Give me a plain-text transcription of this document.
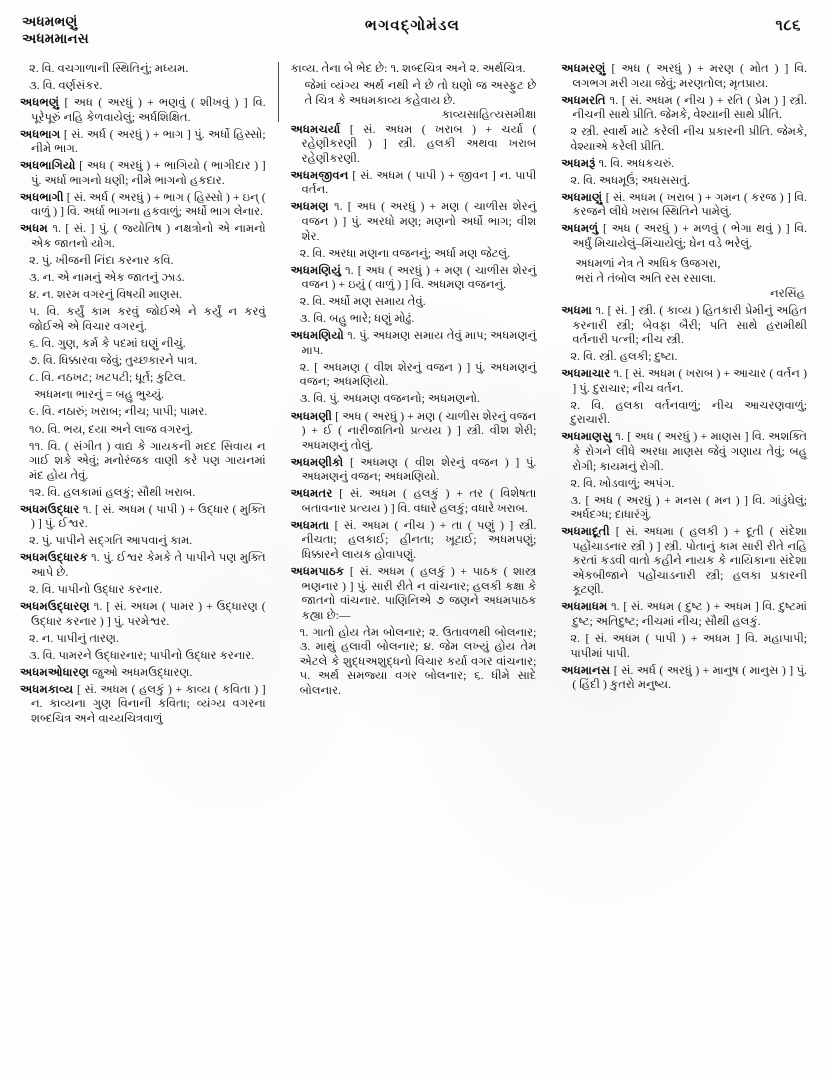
અધમભણું
અધમમાનસ
ભગવદ્ગોમંડલ	૧૮૬
૨. વિ. વચગાળાની સ્થિતિનું; મધ્યમ.
૩. વિ. વર્ણસંકર.
અધભણું [ અધ ( અરધું ) + ભણવું ( શીખવું ) ] વિ. પૂરેપૂરું નહિ કેળવાયેલું; અર્ધશિક્ષિત.
અધભાગ [ સં. અર્ધ ( અરધું ) + ભાગ ] પું. અર્ધો હિસ્સો; નીમે ભાગ.
અધભાગિયો [ અધ ( અરધું ) + ભાગિયો ( ભાગીદાર ) ] પું. અર્ધા ભાગનો ધણી; નીમે ભાગનો હકદાર.
અધભાગી [ સં. અર્ધ ( અરધું ) + ભાગ ( હિસ્સો ) + ઇન્ ( વાળું ) ] વિ. અર્ધા ભાગના હકવાળું; અર્ધો ભાગ લેનાર.
અધમ ૧. [ સં. ] પું. ( જ્યોતિષ ) નક્ષત્રોનો એ નામનો એક જાતનો યોગ.
૨. પું. ખીજની નિંદા કરનાર કવિ.
૩. ન. એ નામનું એક જાતનું ઝાડ.
૪. ન. શરમ વગરનું વિષયી માણસ.
૫. વિ. કર્યું કામ કરવું જોઈએ ને કર્યું ન કરવું જોઈએ એ વિચાર વગરનું.
૬. વિ. ગુણ, કર્મ કે પદમાં ઘણું નીચું.
૭. વિ. ધિક્કારવા જેવું; તુચ્છકારને પાત્ર.
૮. વિ. નઠખટ; ખટપટી; ધૂર્ત; કુટિલ.
અધમના ભારનું = બહુ ભુચ્યું.
૯. વિ. નઠારું; ખરાબ; નીચ; પાપી; પામર.
૧૦. વિ. ભય, દયા અને લાજ વગરનું.
૧૧. વિ. ( સંગીત ) વાદ્ય કે ગાયકની મદદ સિવાય ન ગાઈ શકે એવું; મનોરંજક વાણી કરે પણ ગાયનમાં મંદ હોય તેવું.
૧૨. વિ. હલકામાં હલકું; સૌથી ખરાબ.
અધમઉદ્ધાર ૧. [ સં. અધમ ( પાપી ) + ઉદ્ધાર ( મુક્તિ ) ] પું. ઈશ્વર.
૨. પું. પાપીને સદ્ગતિ આપવાનું કામ.
અધમઉદ્ધારક ૧. પું. ઈશ્વર કેમકે તે પાપીને પણ મુક્તિ આપે છે.
૨. વિ. પાપીનો ઉદ્ધાર કરનાર.
અધમઉદ્ધારણ ૧. [ સં. અધમ ( પામર ) + ઉદ્ધારણ ( ઉદ્ધાર કરનાર ) ] પું. પરમેશ્વર.
૨. ન. પાપીનું તારણ.
૩. વિ. પામરને ઉદ્ધારનાર; પાપીનો ઉદ્ધાર કરનાર.
અધમઓધારણ જુઓ અધમઉદ્ધારણ.
અધમકાવ્ય [ સં. અધમ ( હલકું ) + કાવ્ય ( કવિતા ) ] ન. કાવ્યના ગુણ વિનાની કવિતા; વ્યંગ્ય વગરના શબ્દચિત્ર અને વાચ્યચિત્રવાળું
કાવ્ય. તેના બે ભેદ છે: ૧. શબ્દચિત્ર અને ૨. અર્થચિત્ર.
જેમાં વ્યંગ્ય અર્થ નથી ને છે તો ઘણો જ અસ્ફુટ છે તે ચિત્ર કે અધમકાવ્ય કહેવાય છે.
કાવ્યસાહિત્યસમીક્ષા
અધમચર્યા [ સં. અધમ ( ખરાબ ) + ચર્યા ( રહેણીકરણી ) ] સ્ત્રી. હલકી અથવા ખરાબ રહેણીકરણી.
અધમજીવન [ સં. અધમ ( પાપી ) + જીવન ] ન. પાપી વર્તન.
અધમણ ૧. [ અધ ( અરધું ) + મણ ( ચાળીસ શેરનું વજન ) ] પું. અરધો મણ; મણનો અર્ધો ભાગ; વીશ શેર.
૨. વિ. અરધા મણના વજનનું; અર્ધા મણ જેટલું.
અધમણિયું ૧. [ અધ ( અરધું ) + મણ ( ચાળીસ શેરનું વજન ) + ઇયું ( વાળું ) ] વિ. અધમણ વજનનું.
૨. વિ. અર્ધો મણ સમાય તેવું.
૩. વિ. બહુ ભારે; ધણું મોઢું.
અધમણિયો ૧. પું. અધમણ સમાય તેવું માપ; અધમણનું માપ.
૨. [ અધમણ ( વીશ શેરનું વજન ) ] પું. અધમણનું વજન; અધમણિયો.
૩. વિ. પું. અધમણ વજનનો; અધમણનો.
અધમણી [ અધ ( અરધું ) + મણ ( ચાળીસ શેરનું વજન ) + ઈ ( નારીજાતિનો પ્રત્યય ) ] સ્ત્રી. વીશ શેરી; અધમણનું તોલું.
અધમણીકો [ અધમણ ( વીશ શેરનું વજન ) ] પું. અધમણનું વજન; અધમણિયો.
અધમતર [ સં. અધમ ( હલકું ) + તર ( વિશેષતા બતાવનાર પ્રત્યય ) ] વિ. વધારે હલકું; વધારે ખરાબ.
અધમતા [ સં. અધમ ( નીચ ) + તા ( પણું ) ] સ્ત્રી. નીચતા; હલકાઈ; હીનતા; ખૂટાઈ; અધમપણું; ધિક્કારને લાયક હોવાપણું.
અધમપાઠક [ સં. અધમ ( હલકું ) + પાઠક ( શાસ્ત્ર ભણનાર ) ] પું. સારી રીતે ન વાંચનાર; હલકી કક્ષા કે જાતનો વાંચનાર. પાણિનિએ ૭ જણને અધમપાઠક કહ્યા છે:—
૧. ગાતો હોય તેમ બોલનાર; ૨. ઉતાવળથી બોલનાર; ૩. માથું હલાવી બોલનાર; ૪. જેમ લખ્યું હોય તેમ એટલે કે શુદ્ધઅશુદ્ધનો વિચાર કર્યા વગર વાંચનાર; ૫. અર્થ સમજ્યા વગર બોલનાર; ૬. ધીમે સાદે બોલનાર.
અધમરણું [ અધ ( અરધું ) + મરણ ( મોત ) ] વિ. લગભગ મરી ગયા જેવું; મરણતોલ; મૃતપ્રાય.
અધમરતિ ૧. [ સં. અધમ ( નીચ ) + રતિ ( પ્રેમ ) ] સ્ત્રી. નીચની સાથે પ્રીતિ. જેમકે, વેશ્યાની સાથે પ્રીતિ.
૨ સ્ત્રી. સ્વાર્થ માટે કરેલી નીચ પ્રકારની પ્રીતિ. જેમકે, વેશ્યાએ કરેલી પ્રીતિ.
અધમરૂં ૧. વિ. અધકચરું.
૨. વિ. અધમૂઉં; અધસસતું.
અધમાણું [ સં. અધમ ( ખરાબ ) + ગમન ( કરજ ) ] વિ. કરજને લીધે ખરાબ સ્થિતિને પામેલું.
અધમળું [ અધ ( અરધું ) + મળવું ( ભેગા થવું ) ] વિ. અર્ધું મિચાયેલું–મિંચાયેલું; ઘેન વડે ભરેલું.
અધમળાં નેત્ર તે અધિક ઉજગરા,
ભરાં તે તંબોલ અતિ રસ રસાલા.
નરસિંહ
અધમા ૧. [ સં. ] સ્ત્રી. ( કાવ્ય ) હિતકારી પ્રેમીનું અહિત કરનારી સ્ત્રી; બેવફા બૈરી; પતિ સાથે હરામીથી વર્તનારી પત્ની; નીચ સ્ત્રી.
૨. વિ. સ્ત્રી. હલકી; દુષ્ટા.
અધમાચાર ૧. [ સં. અધમ ( ખરાબ ) + આચાર ( વર્તન ) ] પું. દુરાચાર; નીચ વર્તન.
૨. વિ. હલકા વર્તનવાળું; નીચ આચરણવાળું; દુરાચારી.
અધમાણસુ ૧. [ અધ ( અરધું ) + માણસ ] વિ. અશક્તિ કે રોગને લીધે અરધા માણસ જેવું ગણાય તેવું; બહુ રોગી; કાયમનું રોગી.
૨. વિ. ખોડવાળું; અપંગ.
૩. [ અધ ( અરધું ) + મનસ ( મન ) ] વિ. ગાંડુંઘેલું; અર્ધદગ્ધ; દાધારંગું.
અધમાદૂતી [ સં. અધમા ( હલકી ) + દૂતી ( સંદેશા પહોંચાડનાર સ્ત્રી ) ] સ્ત્રી. પોતાનું કામ સારી રીતે નહિ કરતાં કડવી વાતો કહીને નાયક કે નાયિકાના સંદેશા એકબીજાને પહોંચાડનારી સ્ત્રી; હલકા પ્રકારની કૂટણી.
અધમાધમ ૧. [ સં. અધમ ( દુષ્ટ ) + અધમ ] વિ. દુષ્ટમાં દુષ્ટ; અતિદુષ્ટ; નીચમાં નીચ; સૌથી હલકું.
૨. [ સં. અધમ ( પાપી ) + અધમ ] વિ. મહાપાપી; પાપીમાં પાપી.
અધમાનસ [ સં. અર્ધ ( અરધું ) + માનુષ ( માનુસ ) ] પું. ( હિંદી ) કુતરો મનુષ્ય.
